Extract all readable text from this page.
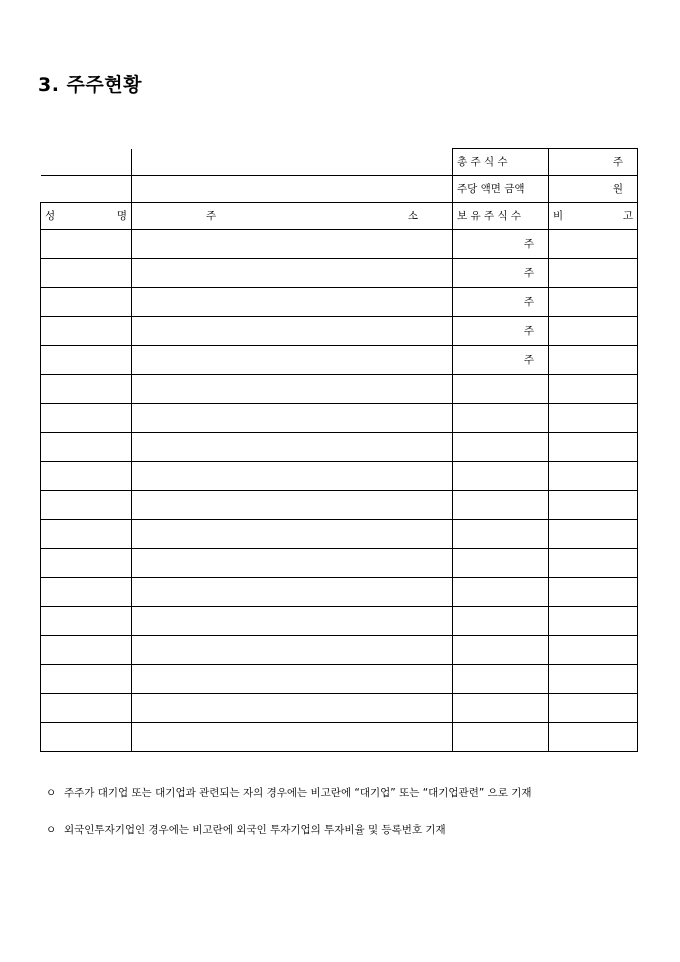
3. 주주현황
		총 주 식 수	주
		주당 액면 금액	원

성 명	주 소	보 유 주 식 수	비 고

		주	
		주	
		주	
		주	
		주	

ㅇ 주주가 대기업 또는 대기업과 관련되는 자의 경우에는 비고란에 “대기업” 또는 “대기업관련” 으로 기재
ㅇ 외국인투자기업인 경우에는 비고란에 외국인 투자기업의 투자비율 및 등록번호 기재
